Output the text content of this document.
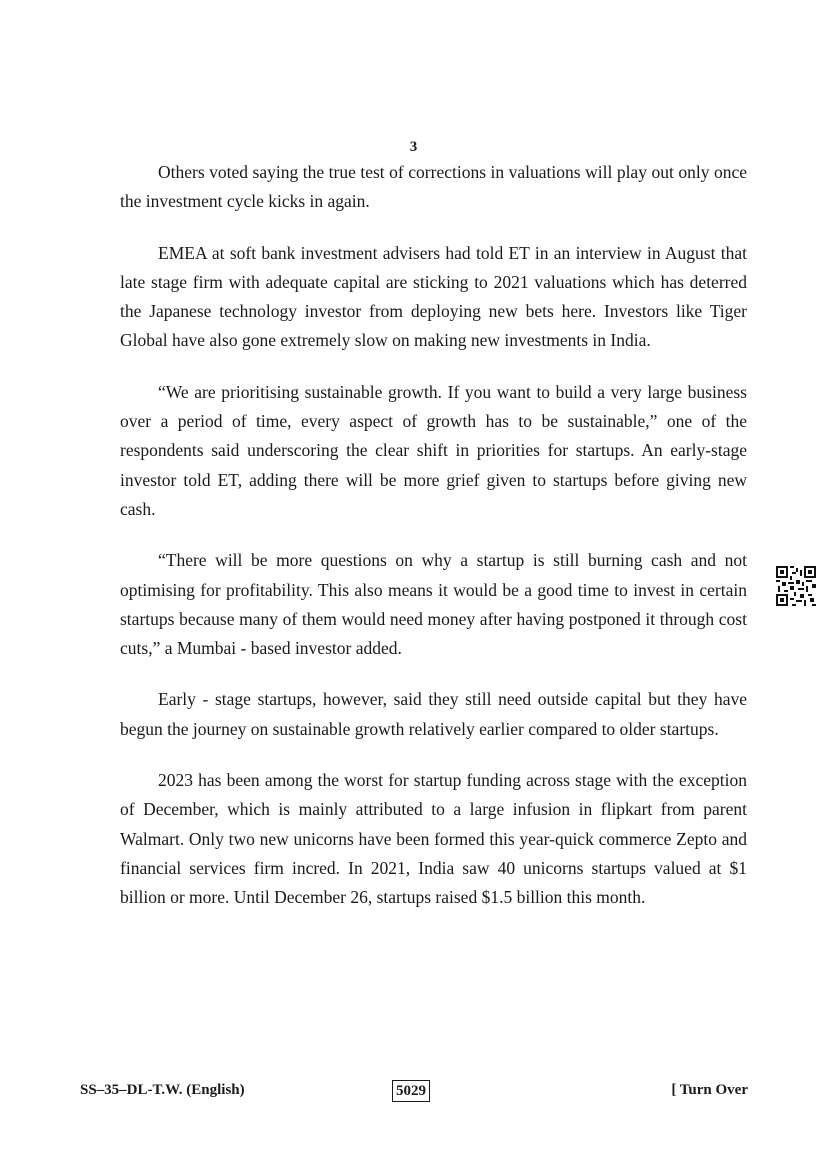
3

Others voted saying the true test of corrections in valuations will play out only once the investment cycle kicks in again.

EMEA at soft bank investment advisers had told ET in an interview in August that late stage firm with adequate capital are sticking to 2021 valuations which has deterred the Japanese technology investor from deploying new bets here. Investors like Tiger Global have also gone extremely slow on making new investments in India.

“We are prioritising sustainable growth. If you want to build a very large business over a period of time, every aspect of growth has to be sustainable,” one of the respondents said underscoring the clear shift in priorities for startups. An early-stage investor told ET, adding there will be more grief given to startups before giving new cash.

“There will be more questions on why a startup is still burning cash and not optimising for profitability. This also means it would be a good time to invest in certain startups because many of them would need money after having postponed it through cost cuts,” a Mumbai - based investor added.

Early - stage startups, however, said they still need outside capital but they have begun the journey on sustainable growth relatively earlier compared to older startups.

2023 has been among the worst for startup funding across stage with the exception of December, which is mainly attributed to a large infusion in flipkart from parent Walmart. Only two new unicorns have been formed this year-quick commerce Zepto and financial services firm incred. In 2021, India saw 40 unicorns startups valued at $1 billion or more. Until December 26, startups raised $1.5 billion this month.

SS–35–DL-T.W. (English)	5029	[ Turn Over
